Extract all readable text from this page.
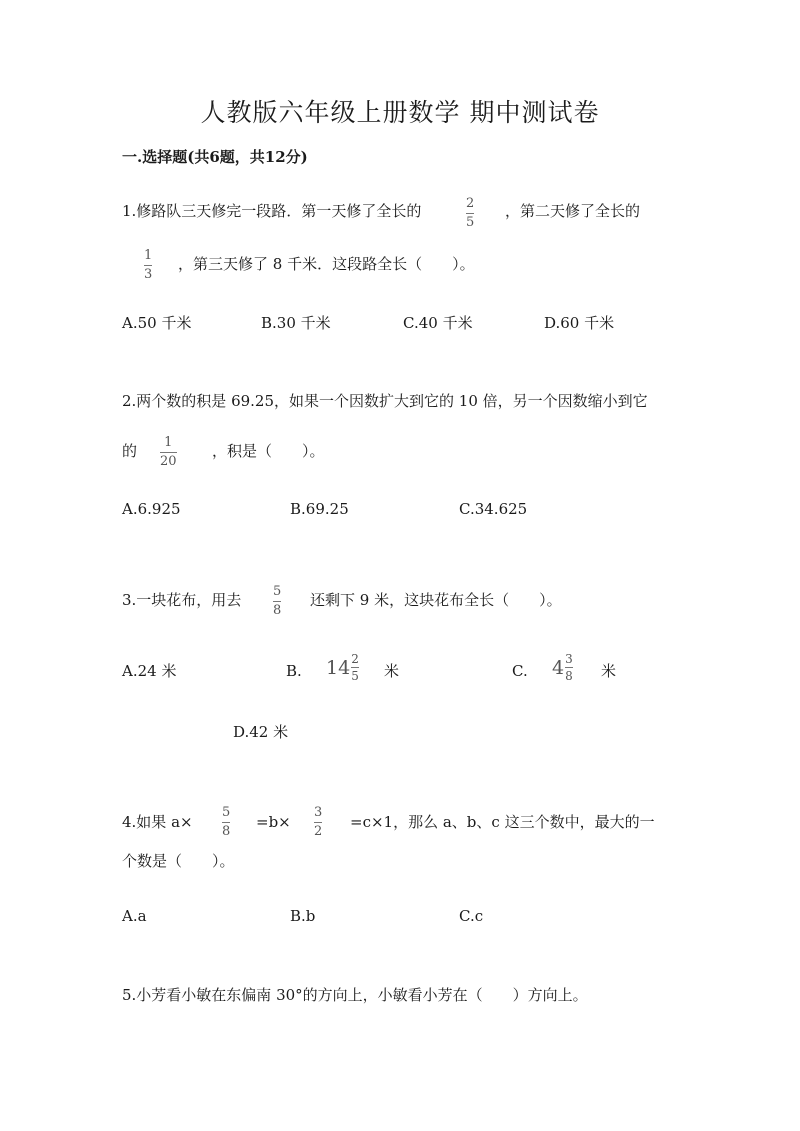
人教版六年级上册数学 期中测试卷
一.选择题(共6题，共12分)
1.修路队三天修完一段路．第一天修了全长的	2
5
，第二天修了全长的
1
3
，第三天修了 8 千米．这段路全长（　　）。
A.50 千米	B.30 千米	C.40 千米	D.60 千米
2.两个数的积是 69.25，如果一个因数扩大到它的 10 倍，另一个因数缩小到它
的 1
20
，积是（　　）。
A.6.925	B.69.25	C.34.625
3.一块花布，用去 5
8
还剩下 9 米，这块花布全长（　　）。
A.24 米	B. $14 \frac{2}{5}$ 米	C. $4 \frac{3}{8}$ 米
D.42 米
4.如果 a×
5
8
=b×
3
2
=c×1，那么 a、b、c 这三个数中，最大的一
个数是（　　）。
A.a	B.b	C.c
5.小芳看小敏在东偏南 30°的方向上，小敏看小芳在（　　）方向上。
